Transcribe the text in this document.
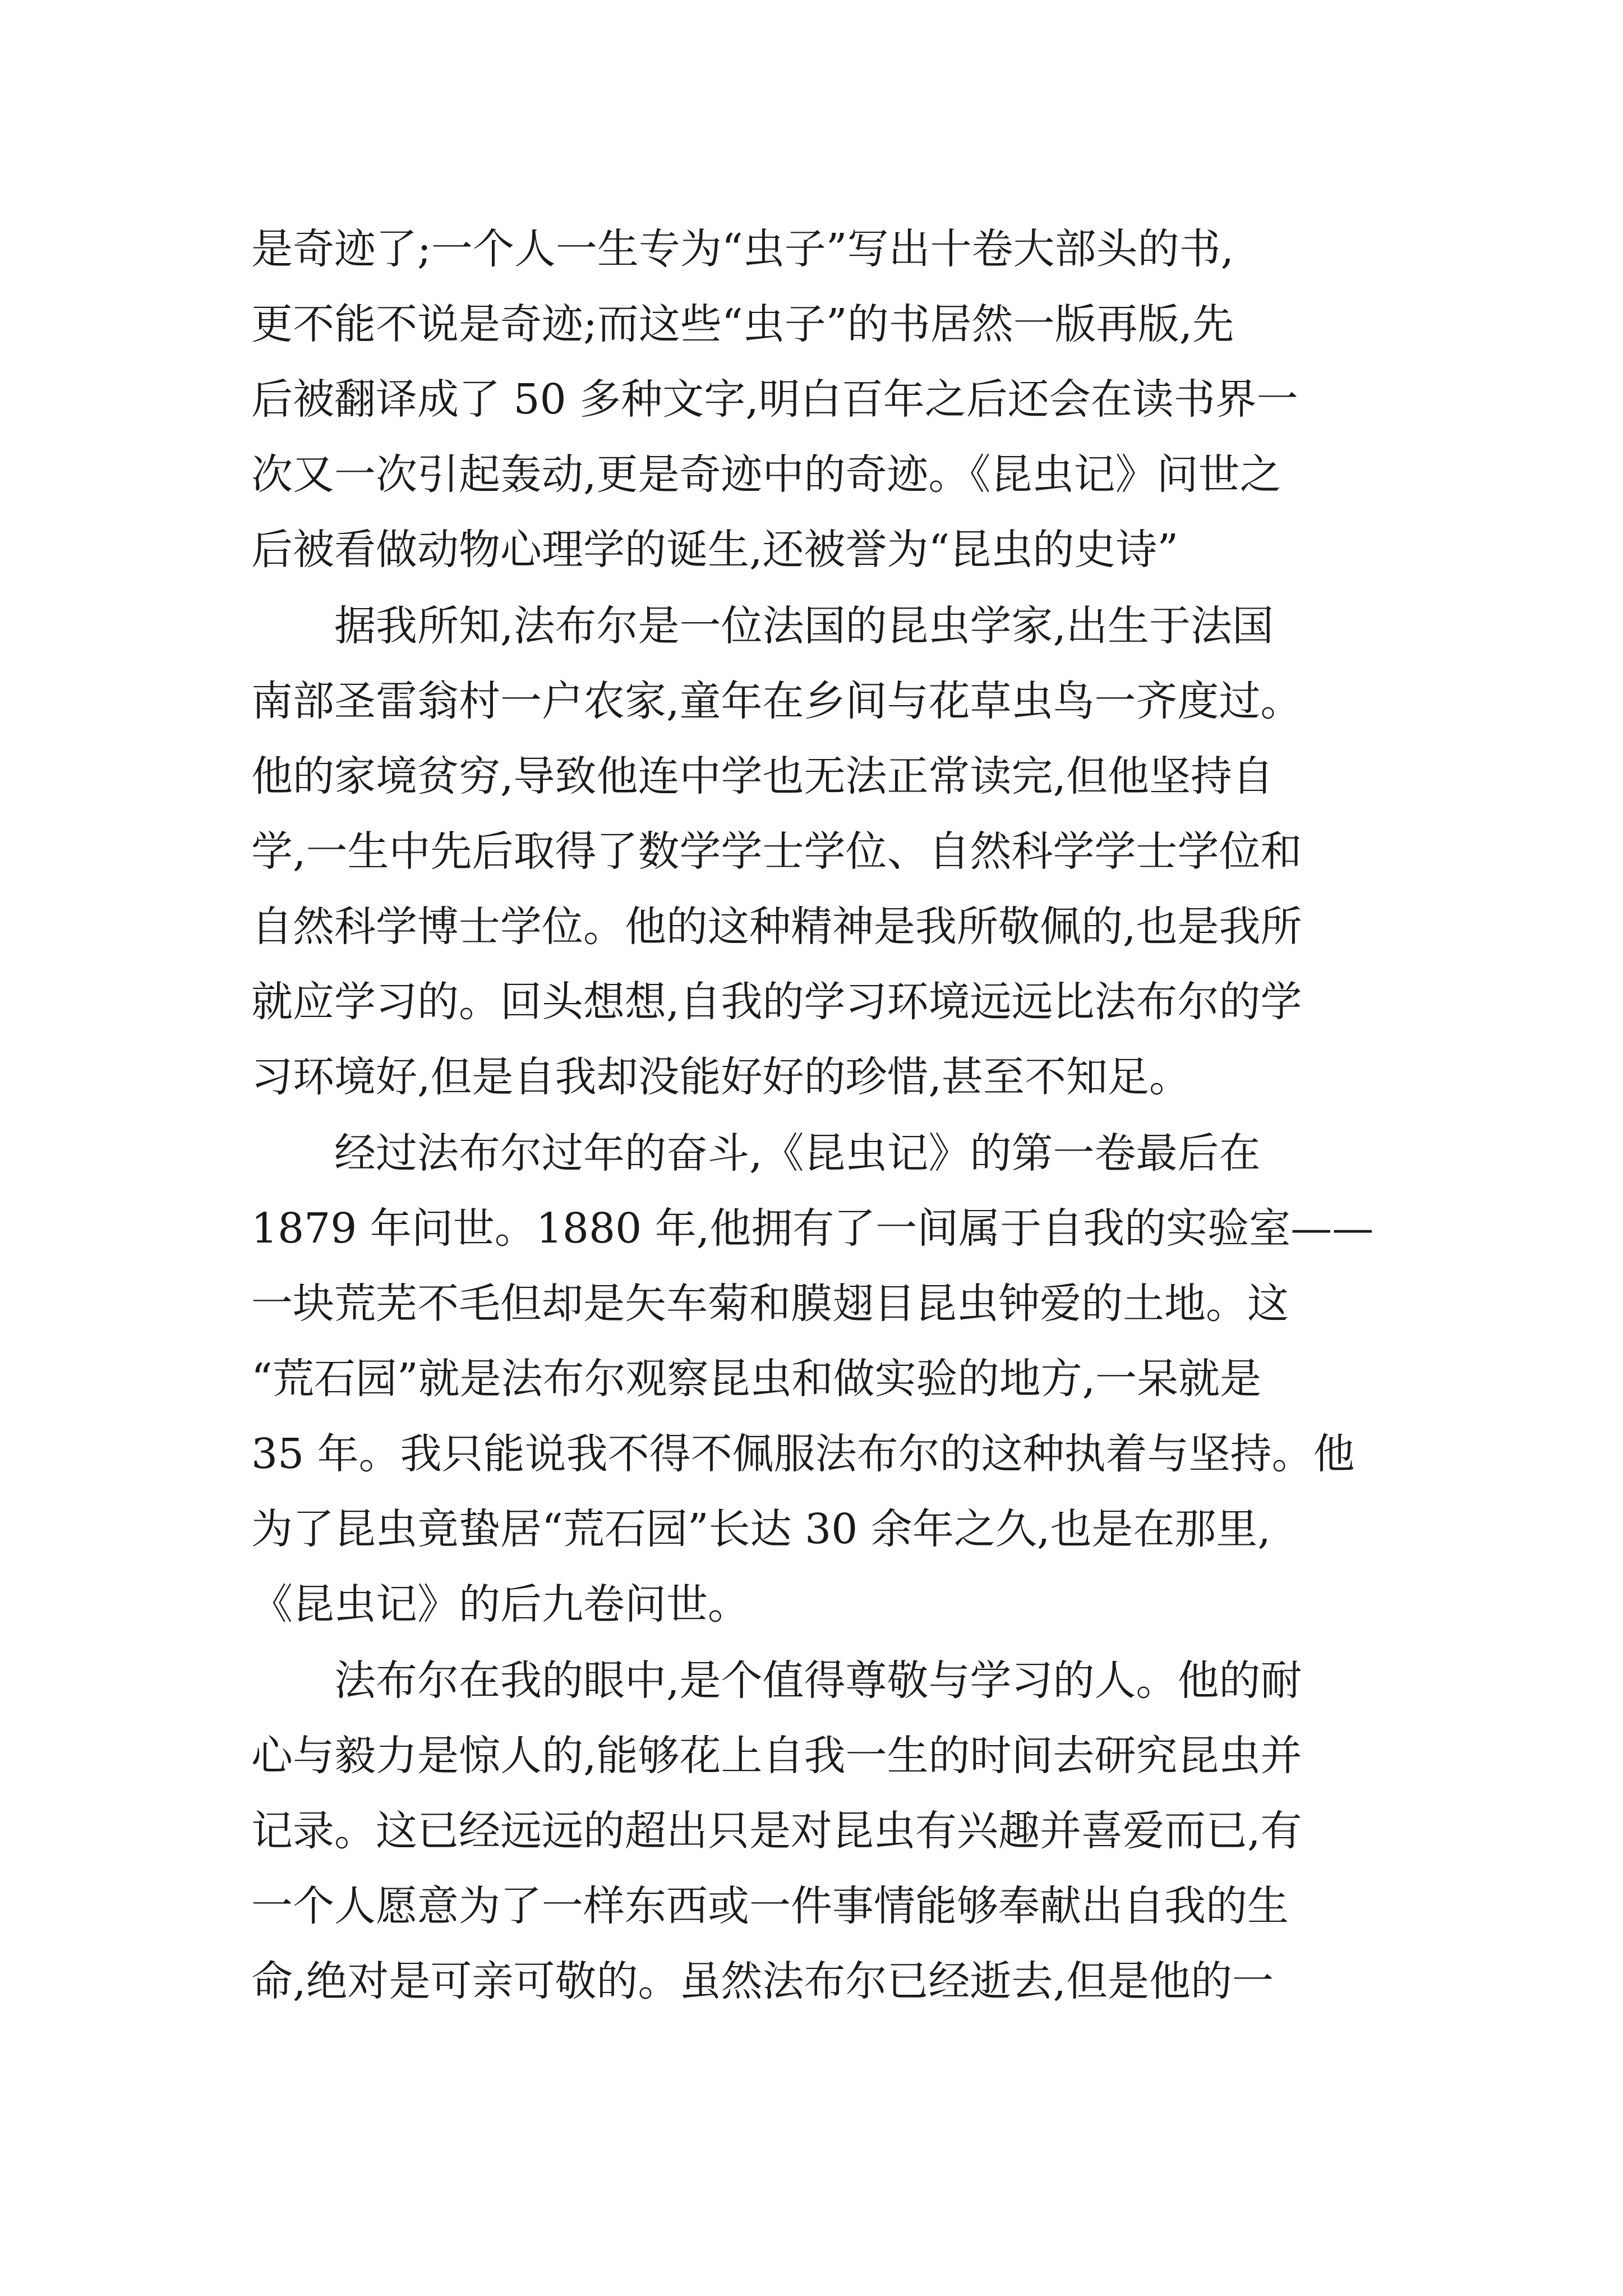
是奇迹了;一个人一生专为“虫子”写出十卷大部头的书,
更不能不说是奇迹;而这些“虫子”的书居然一版再版,先
后被翻译成了 50 多种文字,明白百年之后还会在读书界一
次又一次引起轰动,更是奇迹中的奇迹。《昆虫记》问世之
后被看做动物心理学的诞生,还被誉为“昆虫的史诗”
据我所知,法布尔是一位法国的昆虫学家,出生于法国
南部圣雷翁村一户农家,童年在乡间与花草虫鸟一齐度过。
他的家境贫穷,导致他连中学也无法正常读完,但他坚持自
学,一生中先后取得了数学学士学位、自然科学学士学位和
自然科学博士学位。他的这种精神是我所敬佩的,也是我所
就应学习的。回头想想,自我的学习环境远远比法布尔的学
习环境好,但是自我却没能好好的珍惜,甚至不知足。
经过法布尔过年的奋斗,《昆虫记》的第一卷最后在
1879 年问世。1880 年,他拥有了一间属于自我的实验室——
一块荒芜不毛但却是矢车菊和膜翅目昆虫钟爱的土地。这
“荒石园”就是法布尔观察昆虫和做实验的地方,一呆就是
35 年。我只能说我不得不佩服法布尔的这种执着与坚持。他
为了昆虫竟蛰居“荒石园”长达 30 余年之久,也是在那里,
《昆虫记》的后九卷问世。
法布尔在我的眼中,是个值得尊敬与学习的人。他的耐
心与毅力是惊人的,能够花上自我一生的时间去研究昆虫并
记录。这已经远远的超出只是对昆虫有兴趣并喜爱而已,有
一个人愿意为了一样东西或一件事情能够奉献出自我的生
命,绝对是可亲可敬的。虽然法布尔已经逝去,但是他的一
